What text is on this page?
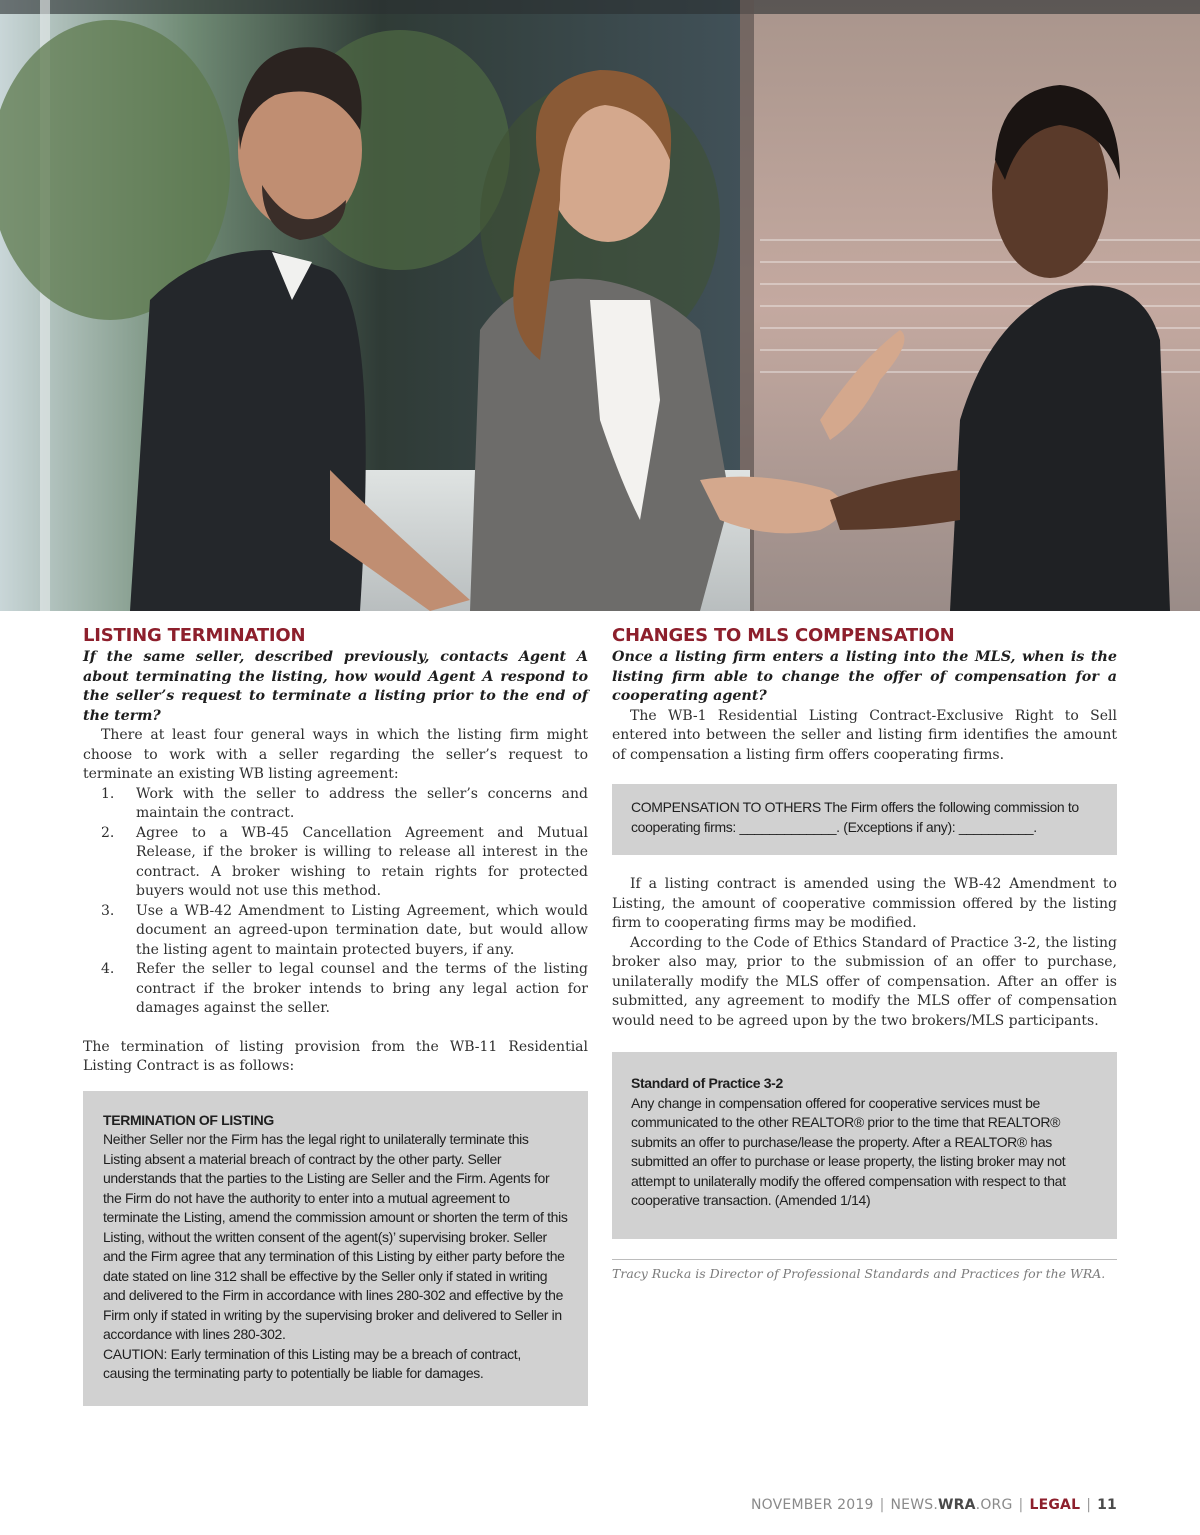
LISTING TERMINATION

If the same seller, described previously, contacts Agent A about terminating the listing, how would Agent A respond to the seller’s request to terminate a listing prior to the end of the term?

There at least four general ways in which the listing firm might choose to work with a seller regarding the seller’s request to terminate an existing WB listing agreement:

1. Work with the seller to address the seller’s concerns and maintain the contract.
2. Agree to a WB-45 Cancellation Agreement and Mutual Release, if the broker is willing to release all interest in the contract. A broker wishing to retain rights for protected buyers would not use this method.
3. Use a WB-42 Amendment to Listing Agreement, which would document an agreed-upon termination date, but would allow the listing agent to maintain protected buyers, if any.
4. Refer the seller to legal counsel and the terms of the listing contract if the broker intends to bring any legal action for damages against the seller.

The termination of listing provision from the WB-11 Residential Listing Contract is as follows:

TERMINATION OF LISTING
Neither Seller nor the Firm has the legal right to unilaterally terminate this Listing absent a material breach of contract by the other party. Seller understands that the parties to the Listing are Seller and the Firm. Agents for the Firm do not have the authority to enter into a mutual agreement to terminate the Listing, amend the commission amount or shorten the term of this Listing, without the written consent of the agent(s)’ supervising broker. Seller and the Firm agree that any termination of this Listing by either party before the date stated on line 312 shall be effective by the Seller only if stated in writing and delivered to the Firm in accordance with lines 280-302 and effective by the Firm only if stated in writing by the supervising broker and delivered to Seller in accordance with lines 280-302.
CAUTION: Early termination of this Listing may be a breach of contract, causing the terminating party to potentially be liable for damages.
CHANGES TO MLS COMPENSATION

Once a listing firm enters a listing into the MLS, when is the listing firm able to change the offer of compensation for a cooperating agent?

The WB-1 Residential Listing Contract-Exclusive Right to Sell entered into between the seller and listing firm identifies the amount of compensation a listing firm offers cooperating firms.

COMPENSATION TO OTHERS The Firm offers the following commission to cooperating firms: _____________. (Exceptions if any): __________.

If a listing contract is amended using the WB-42 Amendment to Listing, the amount of cooperative commission offered by the listing firm to cooperating firms may be modified.

According to the Code of Ethics Standard of Practice 3-2, the listing broker also may, prior to the submission of an offer to purchase, unilaterally modify the MLS offer of compensation. After an offer is submitted, any agreement to modify the MLS offer of compensation would need to be agreed upon by the two brokers/MLS participants.

Standard of Practice 3-2
Any change in compensation offered for cooperative services must be communicated to the other REALTOR® prior to the time that REALTOR® submits an offer to purchase/lease the property. After a REALTOR® has submitted an offer to purchase or lease property, the listing broker may not attempt to unilaterally modify the offered compensation with respect to that cooperative transaction. (Amended 1/14)

Tracy Rucka is Director of Professional Standards and Practices for the WRA.

NOVEMBER 2019 | NEWS.WRA.ORG | LEGAL | 11
